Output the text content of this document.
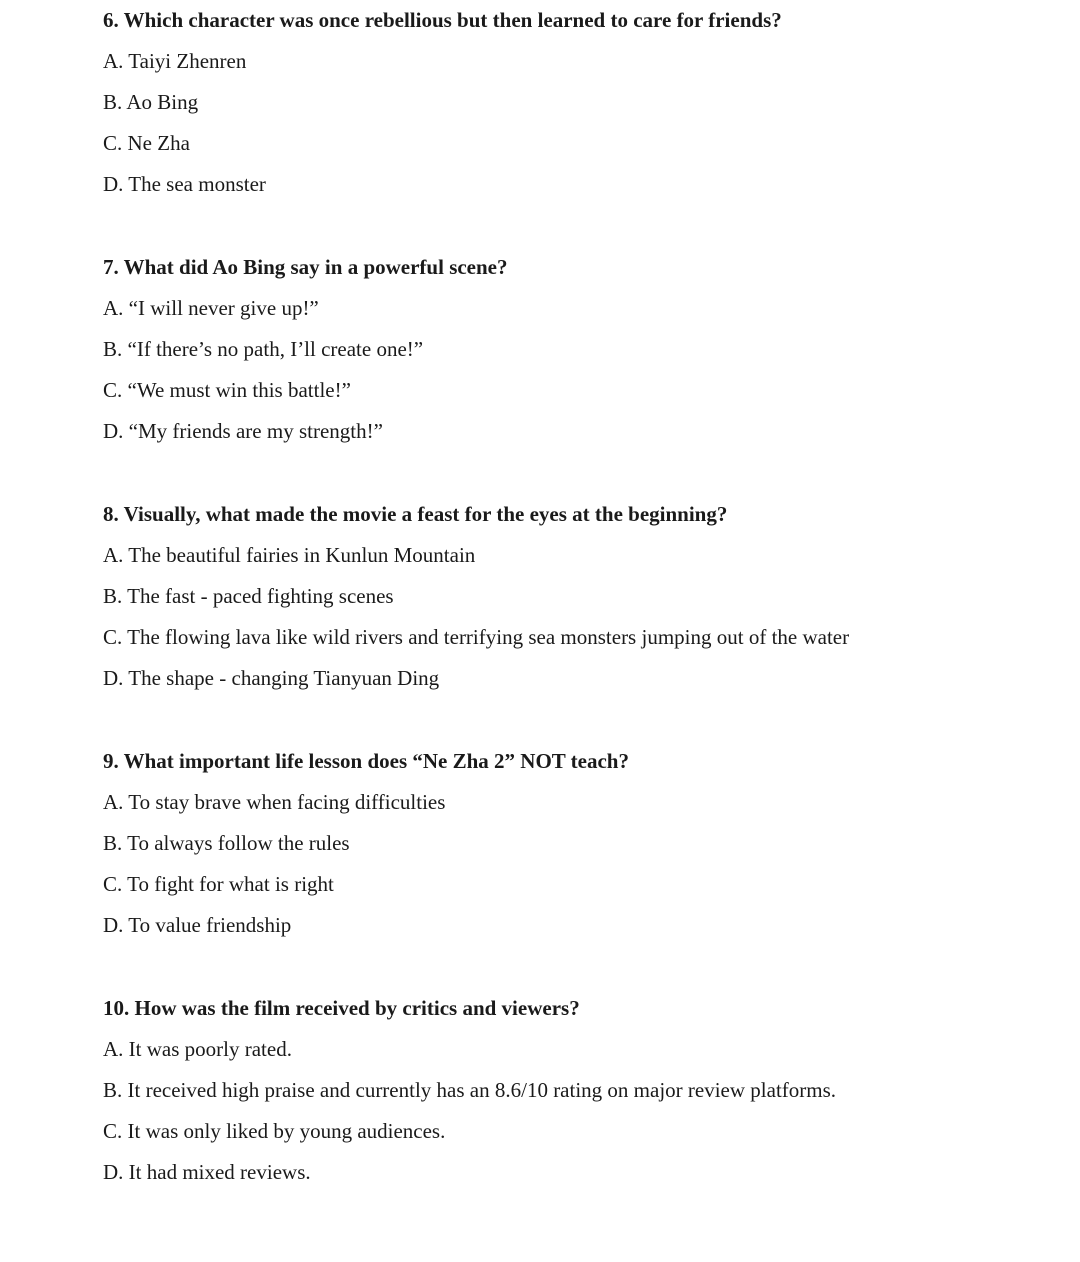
6. Which character was once rebellious but then learned to care for friends?

A. Taiyi Zhenren

B. Ao Bing

C. Ne Zha

D. The sea monster

7. What did Ao Bing say in a powerful scene?

A. “I will never give up!”

B. “If there’s no path, I’ll create one!”

C. “We must win this battle!”

D. “My friends are my strength!”

8. Visually, what made the movie a feast for the eyes at the beginning?

A. The beautiful fairies in Kunlun Mountain

B. The fast - paced fighting scenes

C. The flowing lava like wild rivers and terrifying sea monsters jumping out of the water

D. The shape - changing Tianyuan Ding

9. What important life lesson does “Ne Zha 2” NOT teach?

A. To stay brave when facing difficulties

B. To always follow the rules

C. To fight for what is right

D. To value friendship

10. How was the film received by critics and viewers?

A. It was poorly rated.

B. It received high praise and currently has an 8.6/10 rating on major review platforms.

C. It was only liked by young audiences.

D. It had mixed reviews.
